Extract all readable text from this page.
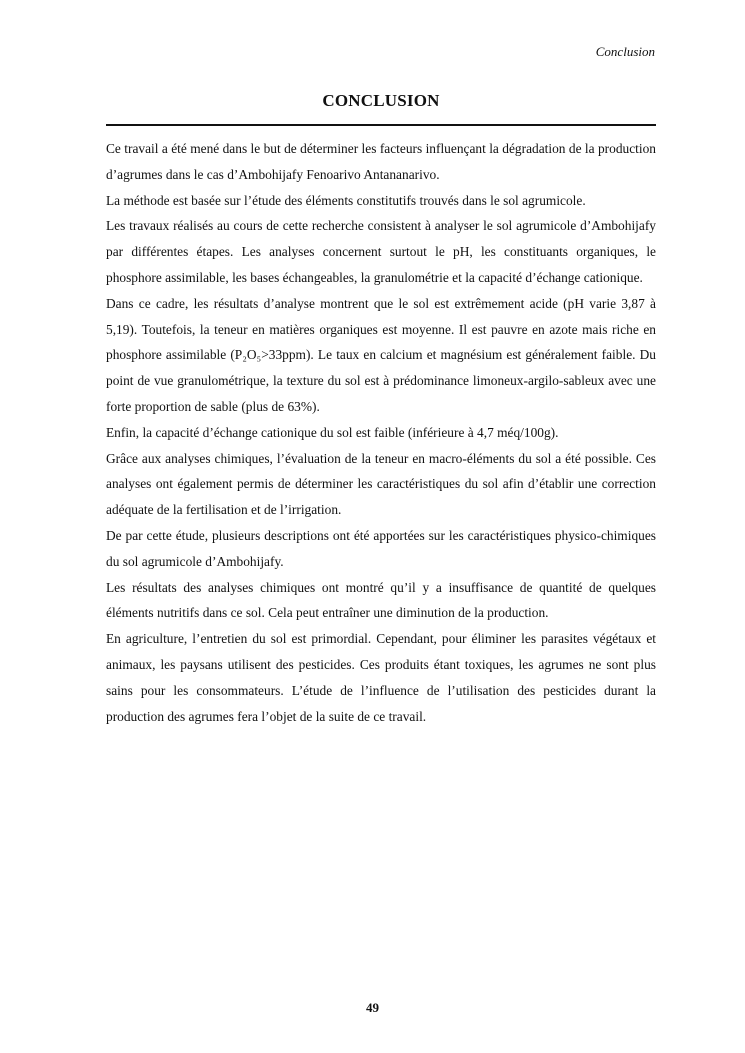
Conclusion
CONCLUSION

Ce travail a été mené dans le but de déterminer les facteurs influençant la dégradation de la production d’agrumes dans le cas d’Ambohijafy Fenoarivo Antananarivo.

La méthode est basée sur l’étude des éléments constitutifs trouvés dans le sol agrumicole.

Les travaux réalisés au cours de cette recherche consistent à analyser le sol agrumicole d’Ambohijafy par différentes étapes. Les analyses concernent surtout le pH, les constituants organiques, le phosphore assimilable, les bases échangeables, la granulométrie et la capacité d’échange cationique.

Dans ce cadre, les résultats d’analyse montrent que le sol est extrêmement acide (pH varie 3,87 à 5,19). Toutefois, la teneur en matières organiques est moyenne. Il est pauvre en azote mais riche en phosphore assimilable (P₂O₅>33ppm). Le taux en calcium et magnésium est généralement faible. Du point de vue granulométrique, la texture du sol est à prédominance limoneux-argilo-sableux avec une forte proportion de sable (plus de 63%).

Enfin, la capacité d’échange cationique du sol est faible (inférieure à 4,7 méq/100g).

Grâce aux analyses chimiques, l’évaluation de la teneur en macro-éléments du sol a été possible. Ces analyses ont également permis de déterminer les caractéristiques du sol afin d’établir une correction adéquate de la fertilisation et de l’irrigation.

De par cette étude, plusieurs descriptions ont été apportées sur les caractéristiques physico-chimiques du sol agrumicole d’Ambohijafy.

Les résultats des analyses chimiques ont montré qu’il y a insuffisance de quantité de quelques éléments nutritifs dans ce sol. Cela peut entraîner une diminution de la production.

En agriculture, l’entretien du sol est primordial. Cependant, pour éliminer les parasites végétaux et animaux, les paysans utilisent des pesticides. Ces produits étant toxiques, les agrumes ne sont plus sains pour les consommateurs. L’étude de l’influence de l’utilisation des pesticides durant la production des agrumes fera l’objet de la suite de ce travail.

49
